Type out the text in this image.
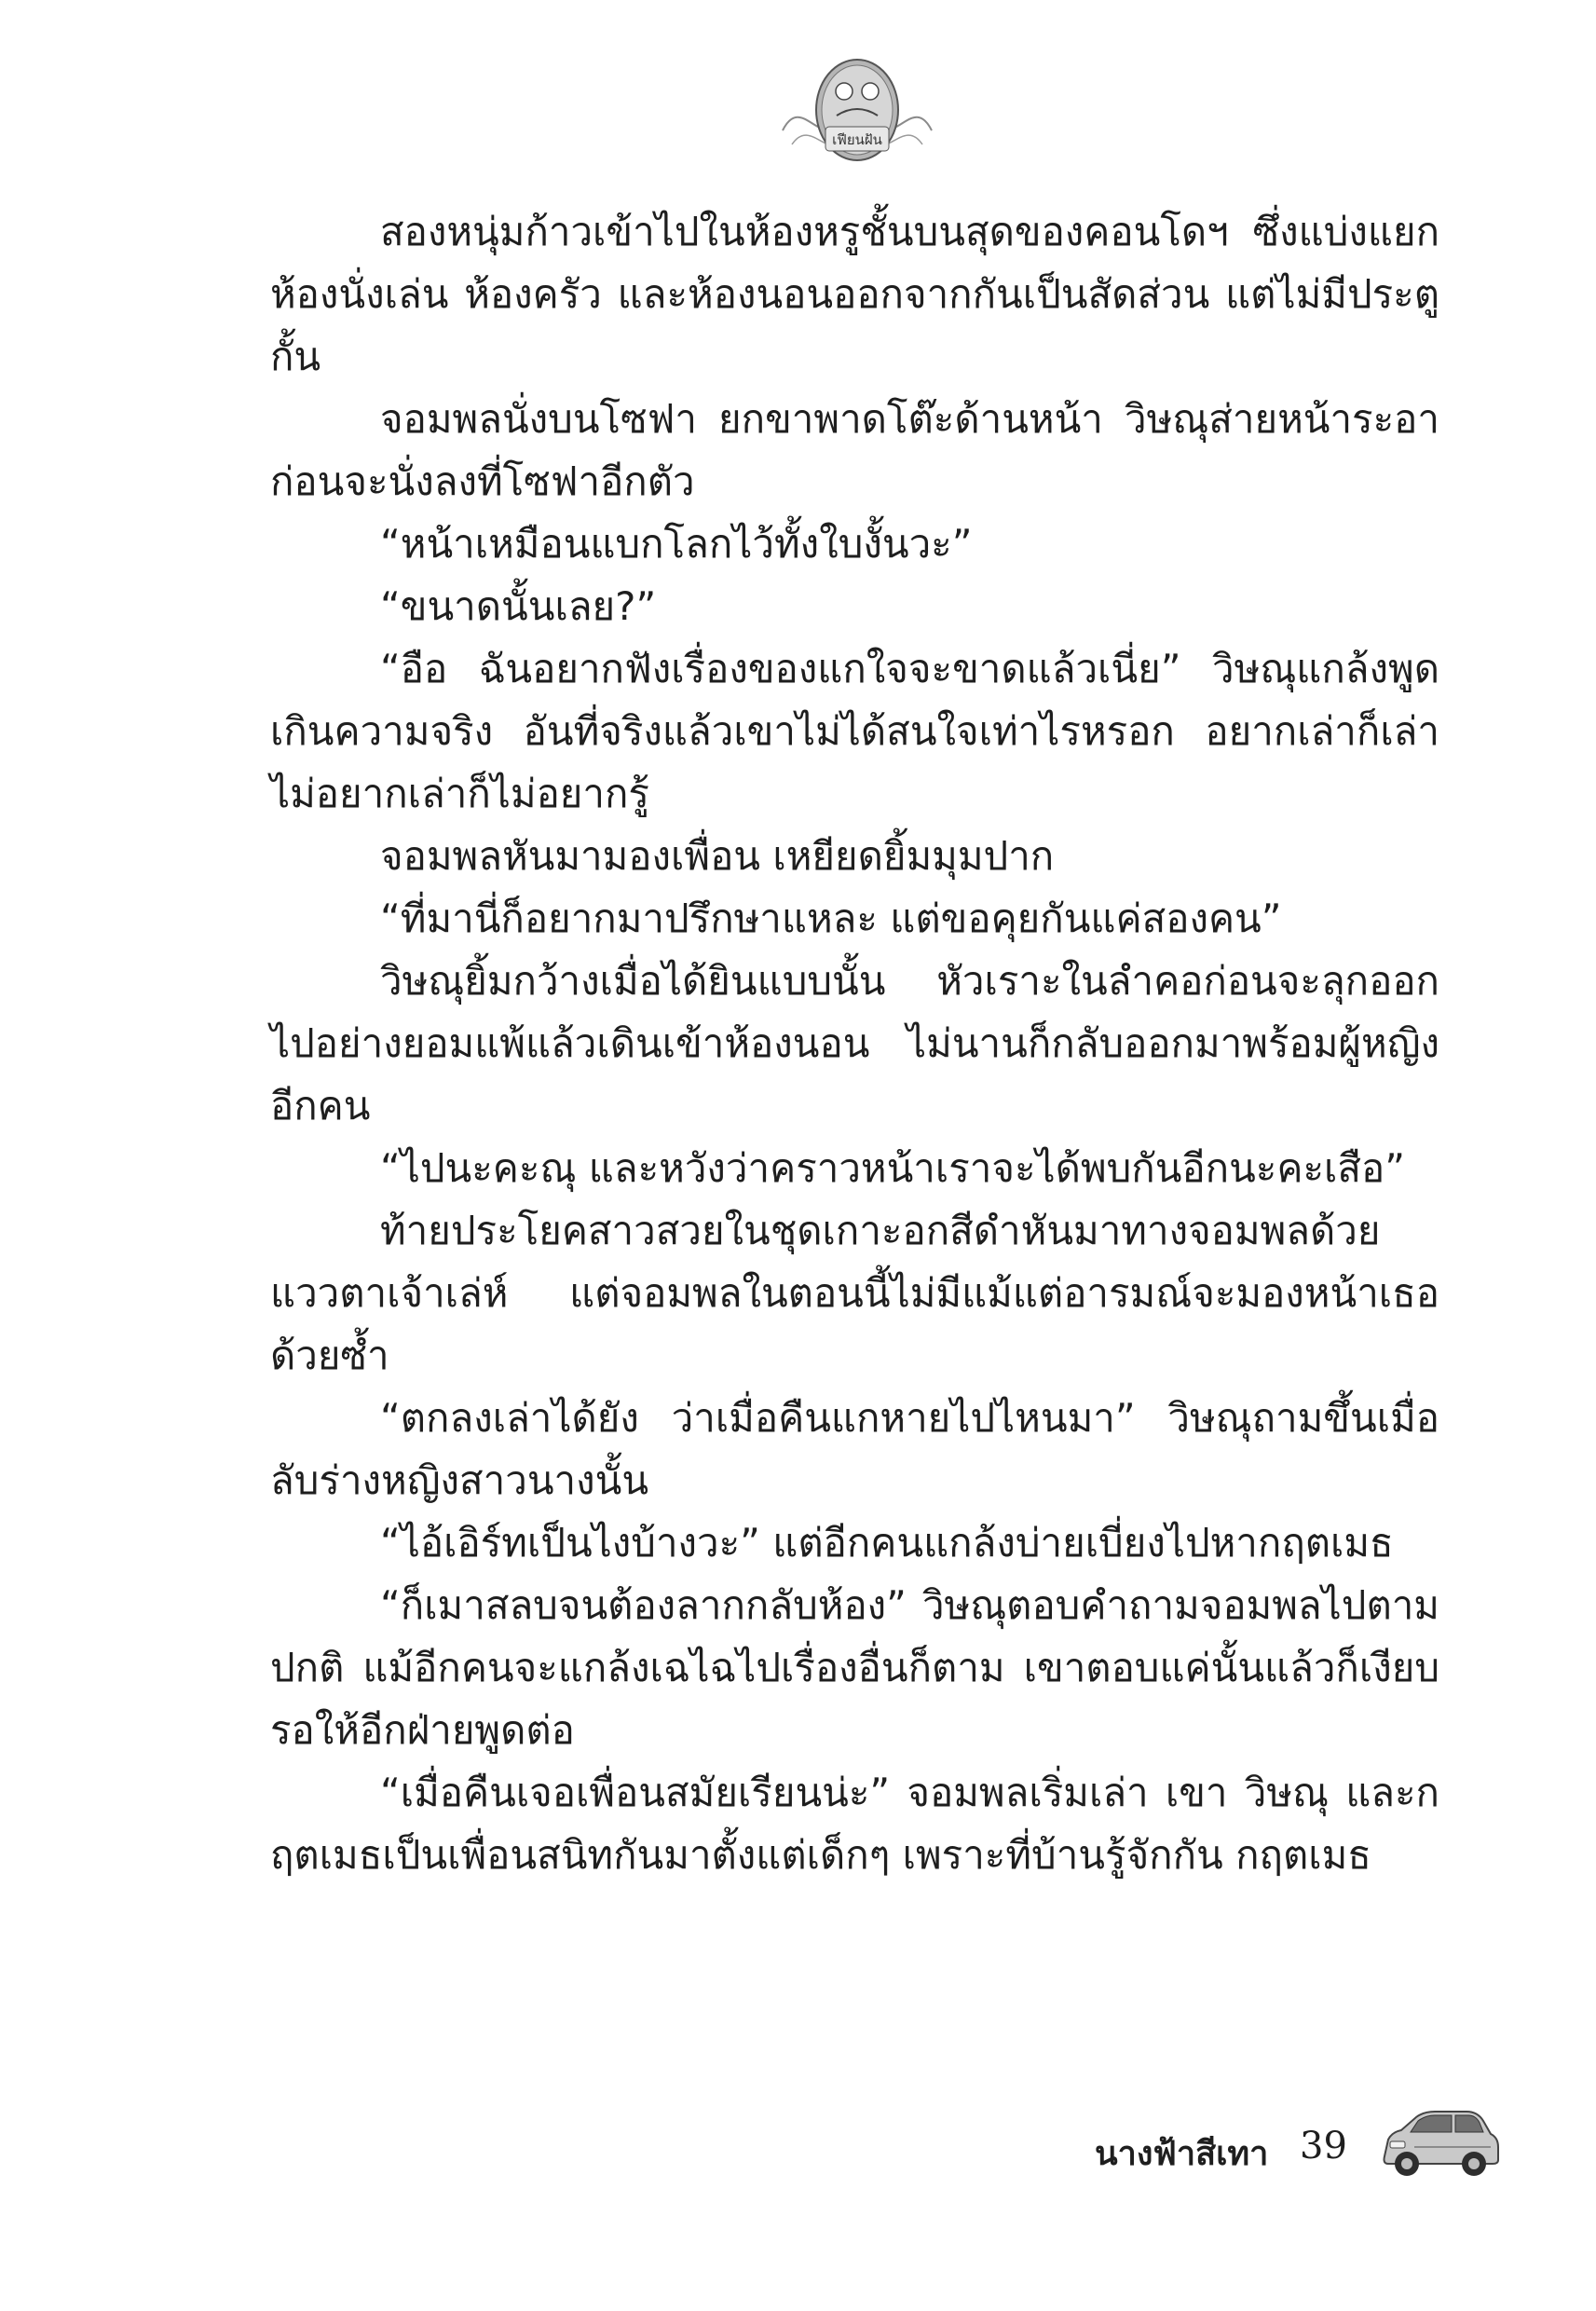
เฟียนฝัน

สองหนุ่มก้าวเข้าไปในห้องหรูชั้นบนสุดของคอนโดฯ ซึ่งแบ่งแยกห้องนั่งเล่น ห้องครัว และห้องนอนออกจากกันเป็นสัดส่วน แต่ไม่มีประตูกั้น

จอมพลนั่งบนโซฟา ยกขาพาดโต๊ะด้านหน้า วิษณุส่ายหน้าระอาก่อนจะนั่งลงที่โซฟาอีกตัว

“หน้าเหมือนแบกโลกไว้ทั้งใบงั้นวะ”

“ขนาดนั้นเลย?”

“อือ ฉันอยากฟังเรื่องของแกใจจะขาดแล้วเนี่ย” วิษณุแกล้งพูดเกินความจริง อันที่จริงแล้วเขาไม่ได้สนใจเท่าไรหรอก อยากเล่าก็เล่าไม่อยากเล่าก็ไม่อยากรู้

จอมพลหันมามองเพื่อน เหยียดยิ้มมุมปาก

“ที่มานี่ก็อยากมาปรึกษาแหละ แต่ขอคุยกันแค่สองคน”

วิษณุยิ้มกว้างเมื่อได้ยินแบบนั้น หัวเราะในลำคอก่อนจะลุกออกไปอย่างยอมแพ้แล้วเดินเข้าห้องนอน ไม่นานก็กลับออกมาพร้อมผู้หญิงอีกคน

“ไปนะคะณุ และหวังว่าคราวหน้าเราจะได้พบกันอีกนะคะเสือ”

ท้ายประโยคสาวสวยในชุดเกาะอกสีดำหันมาทางจอมพลด้วยแววตาเจ้าเล่ห์ แต่จอมพลในตอนนี้ไม่มีแม้แต่อารมณ์จะมองหน้าเธอด้วยซ้ำ

“ตกลงเล่าได้ยัง ว่าเมื่อคืนแกหายไปไหนมา” วิษณุถามขึ้นเมื่อลับร่างหญิงสาวนางนั้น

“ไอ้เอิร์ทเป็นไงบ้างวะ” แต่อีกคนแกล้งบ่ายเบี่ยงไปหากฤตเมธ

“ก็เมาสลบจนต้องลากกลับห้อง” วิษณุตอบคำถามจอมพลไปตามปกติ แม้อีกคนจะแกล้งเฉไฉไปเรื่องอื่นก็ตาม เขาตอบแค่นั้นแล้วก็เงียบรอให้อีกฝ่ายพูดต่อ

“เมื่อคืนเจอเพื่อนสมัยเรียนน่ะ” จอมพลเริ่มเล่า เขา วิษณุ และกฤตเมธเป็นเพื่อนสนิทกันมาตั้งแต่เด็กๆ เพราะที่บ้านรู้จักกัน กฤตเมธ

นางฟ้าสีเทา 39
